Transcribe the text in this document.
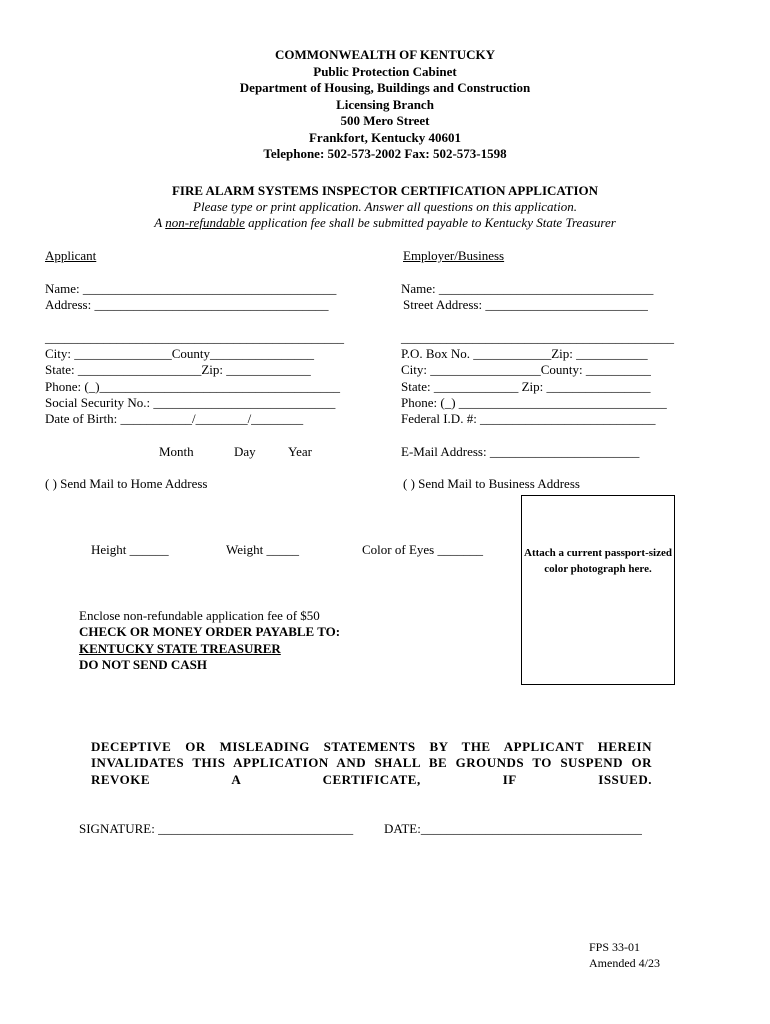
COMMONWEALTH OF KENTUCKY
Public Protection Cabinet
Department of Housing, Buildings and Construction
Licensing Branch
500 Mero Street
Frankfort, Kentucky 40601
Telephone: 502-573-2002 Fax: 502-573-1598
FIRE ALARM SYSTEMS INSPECTOR CERTIFICATION APPLICATION
Please type or print application. Answer all questions on this application.
A non-refundable application fee shall be submitted payable to Kentucky State Treasurer
Applicant	Employer/Business
Name: _______________________________________
Address: ____________________________________
______________________________________________
City: _______________County________________
State: ___________________Zip: _____________
Phone: (_)_____________________________________
Social Security No.: ____________________________
Date of Birth: ___________/________/________
Month	Day Year
( ) Send Mail to Home Address
Name: _________________________________
Street Address: _________________________
__________________________________________
P.O. Box No. ____________Zip: ___________
City: _________________County: __________
State: _____________ Zip: ________________
Phone: (_) ________________________________
Federal I.D. #: ___________________________
E-Mail Address: _______________________
( ) Send Mail to Business Address
Height ______	Weight _____	Color of Eyes _______	Attach a current passport-sized color photograph here.
Enclose non-refundable application fee of $50
CHECK OR MONEY ORDER PAYABLE TO:
KENTUCKY STATE TREASURER
DO NOT SEND CASH
DECEPTIVE OR MISLEADING STATEMENTS BY THE APPLICANT HEREIN
INVALIDATES THIS APPLICATION AND SHALL BE GROUNDS TO SUSPEND OR
REVOKE A CERTIFICATE, IF ISSUED.
SIGNATURE: ______________________________ DATE:__________________________________
FPS 33-01
Amended 4/23
